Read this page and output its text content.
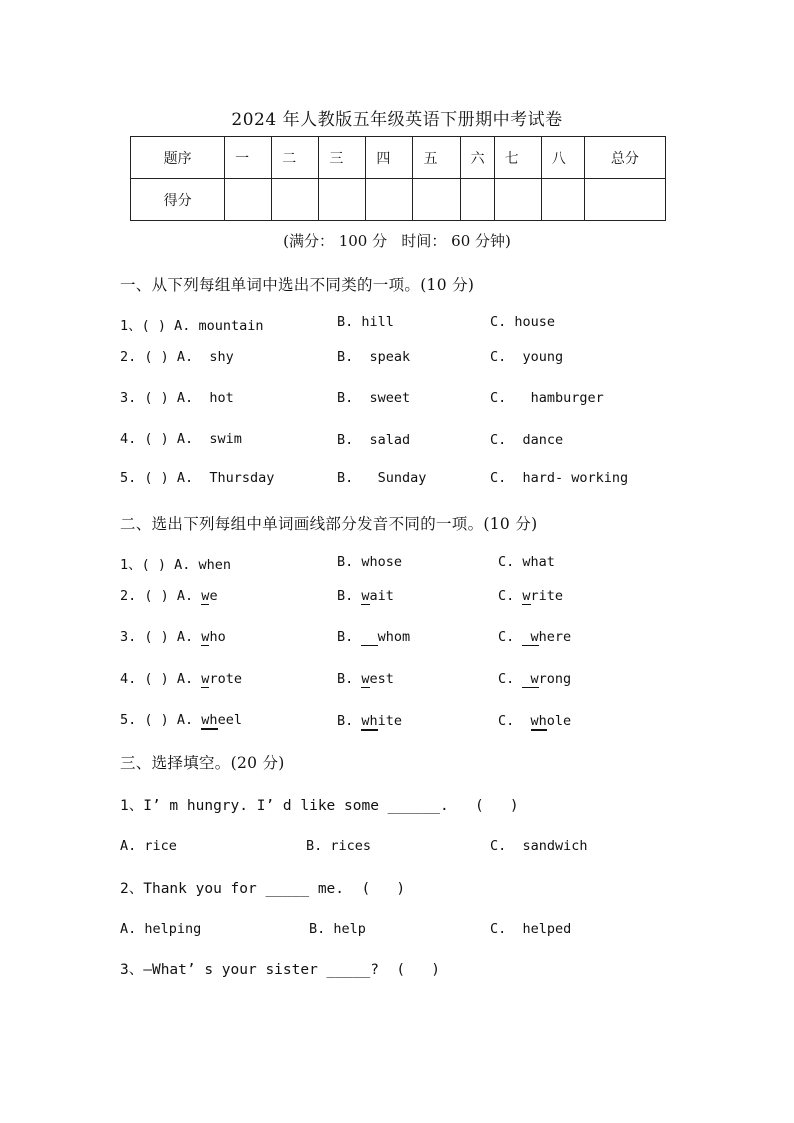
2024 年人教版五年级英语下册期中考试卷
题序	一	二	三	四	五	六	七	八	总分
得分									
(满分： 100 分   时间： 60 分钟)
一、从下列每组单词中选出不同类的一项。(10 分)
1、( ) A. mountain	B. hill	C. house
2. ( ) A.  shy	B.  speak	C.  young
3. ( ) A.  hot	B.  sweet	C.   hamburger
4. ( ) A.  swim	B.  salad	C.  dance
5. ( ) A.  Thursday	B.   Sunday	C.  hard- working
二、选出下列每组中单词画线部分发音不同的一项。(10 分)
1、( ) A. when	B. whose	C. what
2. ( ) A. we	B. wait	C. write
3. ( ) A. who	B.   whom	C.  where
4. ( ) A. wrote	B. west	C.  wrong
5. ( ) A. wheel	B. white	C.  whole
三、选择填空。(20 分)
1、I’ m hungry. I’ d like some ______.   (   )
A. rice	B. rices	C.  sandwich
2、Thank you for _____ me.  (   )
A. helping	B. help	C.  helped
3、—What’ s your sister _____?  (   )
